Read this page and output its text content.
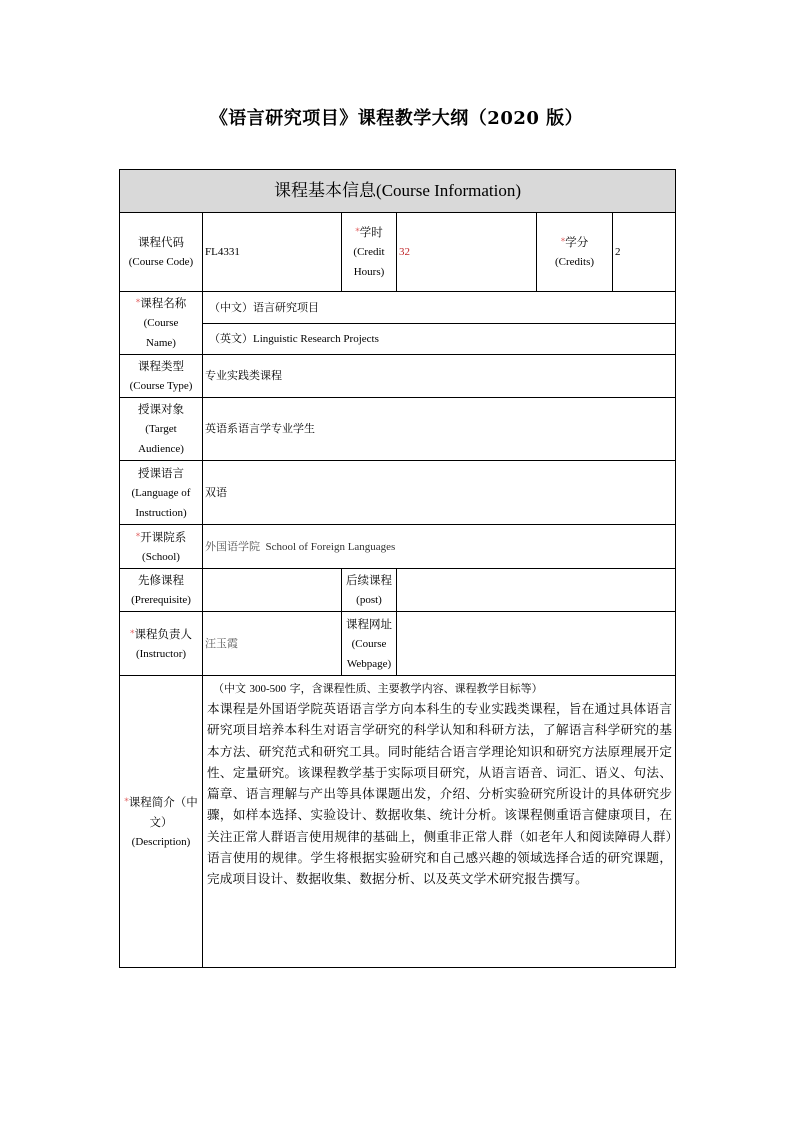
《语言研究项目》课程教学大纲（2020 版）
课程基本信息(Course Information)					

课程代码
(Course Code)	FL4331	*学时
(Credit
Hours)	32	*学分
(Credits)	2

*课程名称
(Course
Name)	（中文）语言研究项目				
	（英文）Linguistic Research Projects				

课程类型
(Course Type)	专业实践类课程				

授课对象
(Target
Audience)	英语系语言学专业学生				

授课语言
(Language of
Instruction)	双语				

*开课院系
(School)	外国语学院 School of Foreign Languages				

先修课程
(Prerequisite)		后续课程
(post)			

*课程负责人
(Instructor)	汪玉霞	课程网址
(Course
Webpage)			

*课程简介（中文）
(Description)

（中文 300-500 字，含课程性质、主要教学内容、课程教学目标等）
本课程是外国语学院英语语言学方向本科生的专业实践类课程，旨在通过具体语言研究项目培养本科生对语言学研究的科学认知和科研方法，了解语言科学研究的基本方法、研究范式和研究工具。同时能结合语言学理论知识和研究方法原理展开定性、定量研究。该课程教学基于实际项目研究，从语言语音、词汇、语义、句法、篇章、语言理解与产出等具体课题出发，介绍、分析实验研究所设计的具体研究步骤，如样本选择、实验设计、数据收集、统计分析。该课程侧重语言健康项目，在关注正常人群语言使用规律的基础上，侧重非正常人群（如老年人和阅读障碍人群）语言使用的规律。学生将根据实验研究和自己感兴趣的领域选择合适的研究课题，完成项目设计、数据收集、数据分析、以及英文学术研究报告撰写。
